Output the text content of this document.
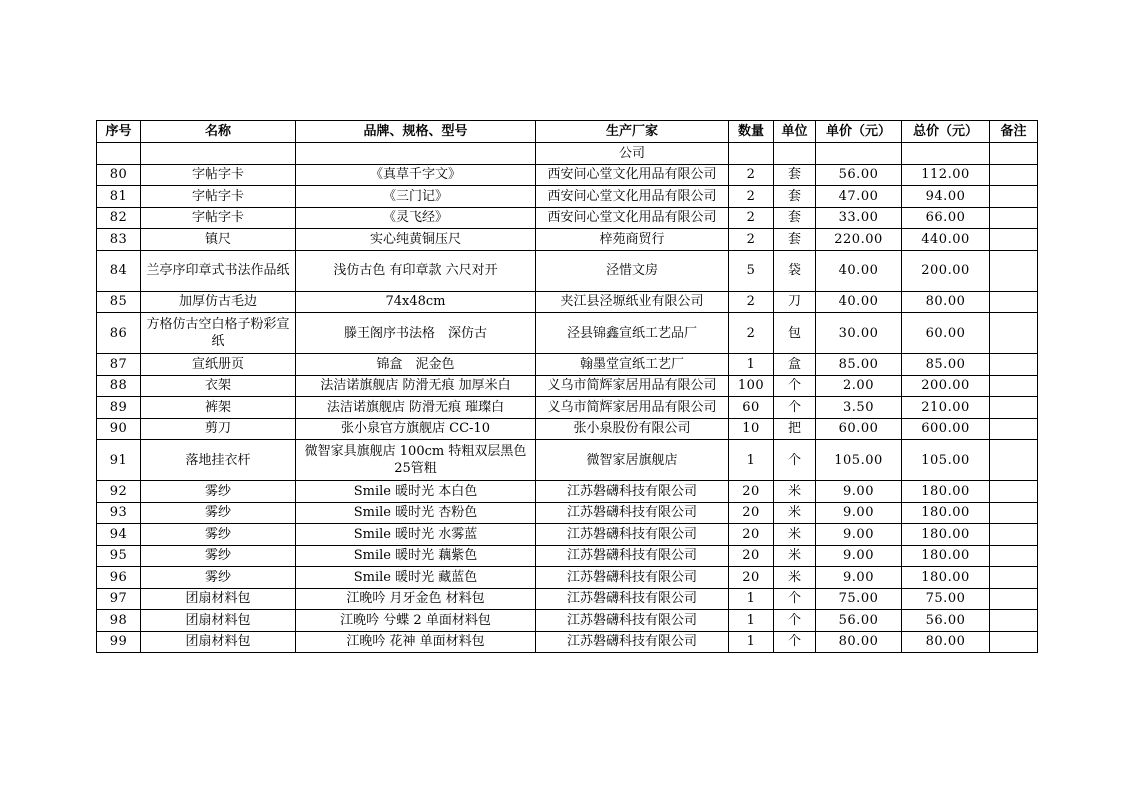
序号	名称	品牌、规格、型号	生产厂家	数量	单位	单价（元）	总价（元）	备注
			公司					
80	字帖字卡	《真草千字文》	西安问心堂文化用品有限公司	2	套	56.00	112.00	
81	字帖字卡	《三门记》	西安问心堂文化用品有限公司	2	套	47.00	94.00	
82	字帖字卡	《灵飞经》	西安问心堂文化用品有限公司	2	套	33.00	66.00	
83	镇尺	实心纯黄铜压尺	梓苑商贸行	2	套	220.00	440.00	
84	兰亭序印章式书法作品纸	浅仿古色 有印章款 六尺对开	泾惜文房	5	袋	40.00	200.00	
85	加厚仿古毛边	74x48cm	夹江县泾塬纸业有限公司	2	刀	40.00	80.00	
86	方格仿古空白格子粉彩宣纸	滕王阁序书法格　深仿古	泾县锦鑫宣纸工艺品厂	2	包	30.00	60.00	
87	宣纸册页	锦盒　泥金色	翰墨堂宣纸工艺厂	1	盒	85.00	85.00	
88	衣架	法洁诺旗舰店 防滑无痕 加厚米白	义乌市简辉家居用品有限公司	100	个	2.00	200.00	
89	裤架	法洁诺旗舰店 防滑无痕 璀璨白	义乌市简辉家居用品有限公司	60	个	3.50	210.00	
90	剪刀	张小泉官方旗舰店 CC-10	张小泉股份有限公司	10	把	60.00	600.00	
91	落地挂衣杆	微智家具旗舰店 100cm 特粗双层黑色 25管粗	微智家居旗舰店	1	个	105.00	105.00	
92	雾纱	Smile 暖时光 本白色	江苏磐礴科技有限公司	20	米	9.00	180.00	
93	雾纱	Smile 暖时光 杏粉色	江苏磐礴科技有限公司	20	米	9.00	180.00	
94	雾纱	Smile 暖时光 水雾蓝	江苏磐礴科技有限公司	20	米	9.00	180.00	
95	雾纱	Smile 暖时光 藕紫色	江苏磐礴科技有限公司	20	米	9.00	180.00	
96	雾纱	Smile 暖时光 藏蓝色	江苏磐礴科技有限公司	20	米	9.00	180.00	
97	团扇材料包	江晚吟 月牙金色 材料包	江苏磐礴科技有限公司	1	个	75.00	75.00	
98	团扇材料包	江晚吟 兮蝶 2 单面材料包	江苏磐礴科技有限公司	1	个	56.00	56.00	
99	团扇材料包	江晚吟 花神 单面材料包	江苏磐礴科技有限公司	1	个	80.00	80.00	
